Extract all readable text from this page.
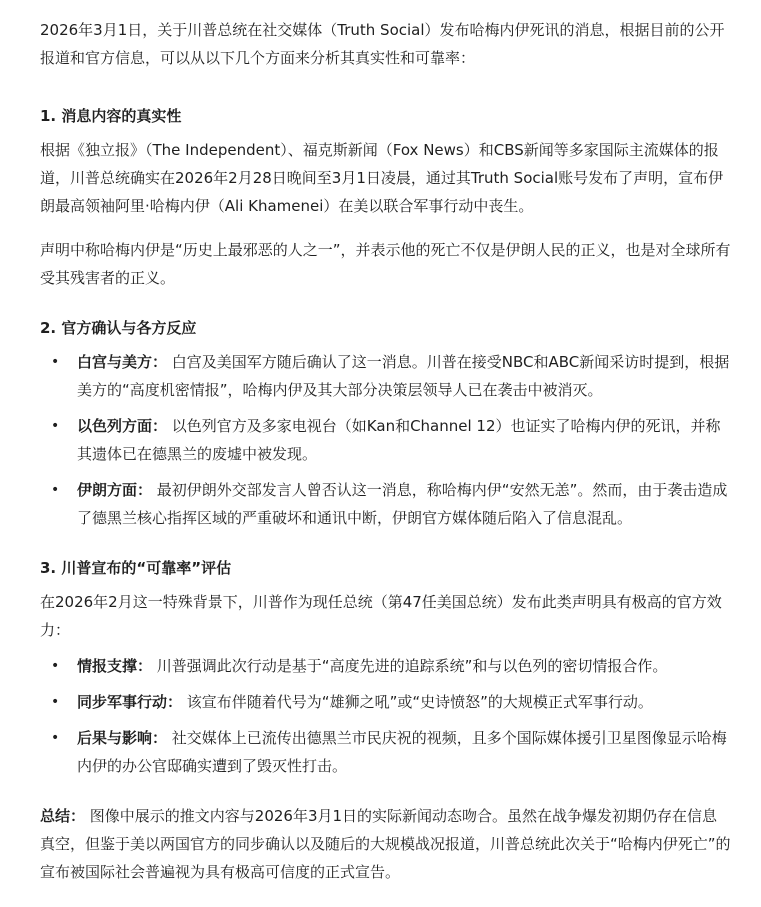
2026年3月1日，关于川普总统在社交媒体（Truth Social）发布哈梅内伊死讯的消息，根据目前的公开报道和官方信息，可以从以下几个方面来分析其真实性和可靠率：

1. 消息内容的真实性

根据《独立报》（The Independent）、福克斯新闻（Fox News）和CBS新闻等多家国际主流媒体的报道，川普总统确实在2026年2月28日晚间至3月1日凌晨，通过其Truth Social账号发布了声明，宣布伊朗最高领袖阿里·哈梅内伊（Ali Khamenei）在美以联合军事行动中丧生。

声明中称哈梅内伊是“历史上最邪恶的人之一”，并表示他的死亡不仅是伊朗人民的正义，也是对全球所有受其残害者的正义。

2. 官方确认与各方反应
• 白宫与美方： 白宫及美国军方随后确认了这一消息。川普在接受NBC和ABC新闻采访时提到，根据美方的“高度机密情报”，哈梅内伊及其大部分决策层领导人已在袭击中被消灭。
• 以色列方面： 以色列官方及多家电视台（如Kan和Channel 12）也证实了哈梅内伊的死讯，并称其遗体已在德黑兰的废墟中被发现。
• 伊朗方面： 最初伊朗外交部发言人曾否认这一消息，称哈梅内伊“安然无恙”。然而，由于袭击造成了德黑兰核心指挥区域的严重破坏和通讯中断，伊朗官方媒体随后陷入了信息混乱。
3. 川普宣布的“可靠率”评估

在2026年2月这一特殊背景下，川普作为现任总统（第47任美国总统）发布此类声明具有极高的官方效力：

• 情报支撑： 川普强调此次行动是基于“高度先进的追踪系统”和与以色列的密切情报合作。
• 同步军事行动： 该宣布伴随着代号为“雄狮之吼”或“史诗愤怒”的大规模正式军事行动。
• 后果与影响： 社交媒体上已流传出德黑兰市民庆祝的视频，且多个国际媒体援引卫星图像显示哈梅内伊的办公官邸确实遭到了毁灭性打击。

总结： 图像中展示的推文内容与2026年3月1日的实际新闻动态吻合。虽然在战争爆发初期仍存在信息真空，但鉴于美以两国官方的同步确认以及随后的大规模战况报道，川普总统此次关于“哈梅内伊死亡”的宣布被国际社会普遍视为具有极高可信度的正式宣告。
